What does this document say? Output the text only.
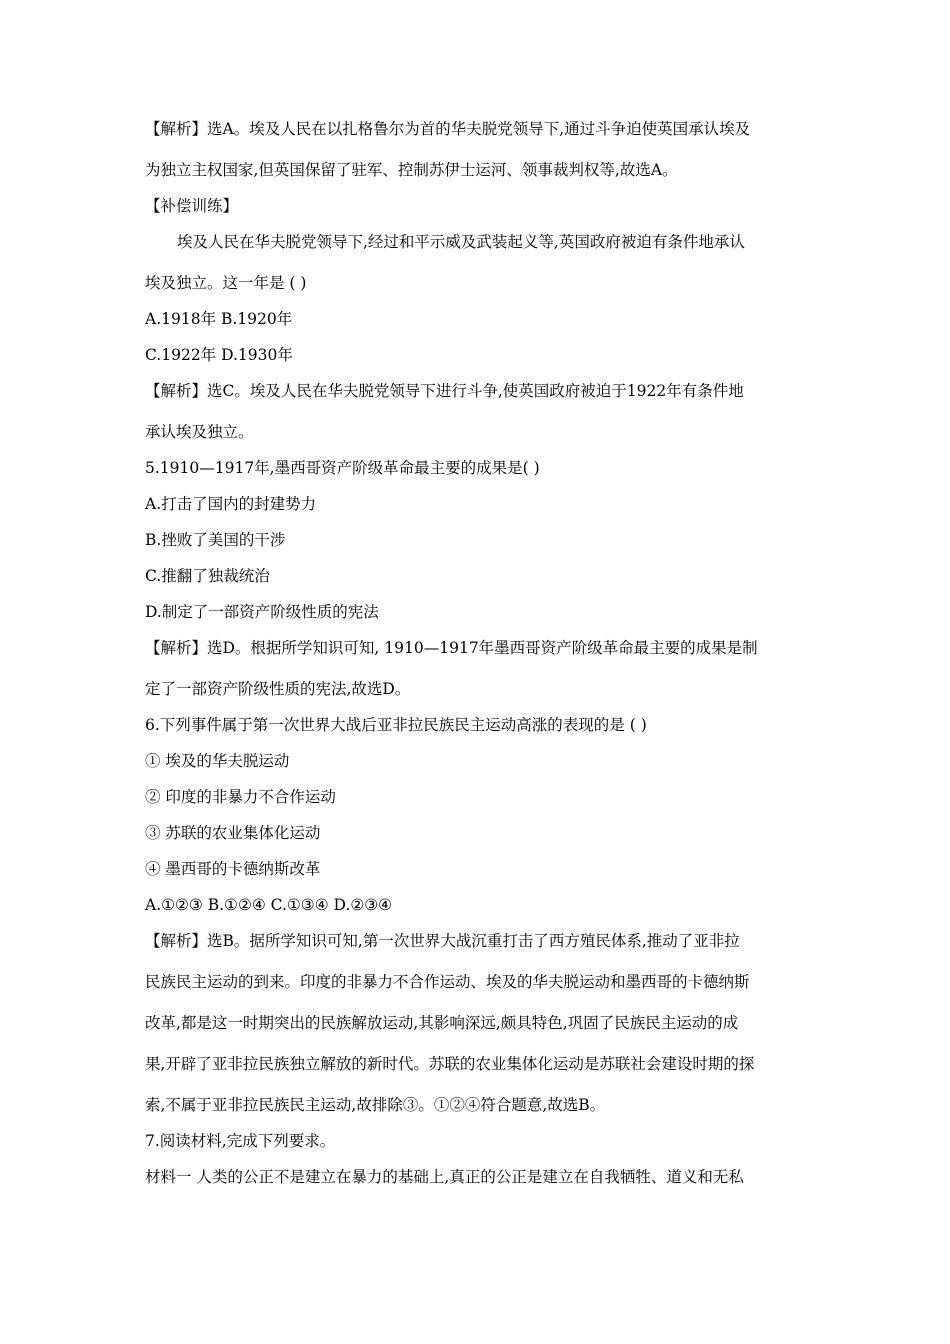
【解析】选A。埃及人民在以扎格鲁尔为首的华夫脱党领导下,通过斗争迫使英国承认埃及
为独立主权国家,但英国保留了驻军、控制苏伊士运河、领事裁判权等,故选A。
【补偿训练】
埃及人民在华夫脱党领导下,经过和平示威及武装起义等,英国政府被迫有条件地承认
埃及独立。这一年是 ( )
A.1918年 B.1920年
C.1922年 D.1930年
【解析】选C。埃及人民在华夫脱党领导下进行斗争,使英国政府被迫于1922年有条件地
承认埃及独立。
5.1910—1917年,墨西哥资产阶级革命最主要的成果是( )
A.打击了国内的封建势力
B.挫败了美国的干涉
C.推翻了独裁统治
D.制定了一部资产阶级性质的宪法
【解析】选D。根据所学知识可知, 1910—1917年墨西哥资产阶级革命最主要的成果是制
定了一部资产阶级性质的宪法,故选D。
6.下列事件属于第一次世界大战后亚非拉民族民主运动高涨的表现的是 ( )
① 埃及的华夫脱运动
② 印度的非暴力不合作运动
③ 苏联的农业集体化运动
④ 墨西哥的卡德纳斯改革
A.①②③ B.①②④ C.①③④ D.②③④
【解析】选B。据所学知识可知,第一次世界大战沉重打击了西方殖民体系,推动了亚非拉
民族民主运动的到来。印度的非暴力不合作运动、埃及的华夫脱运动和墨西哥的卡德纳斯
改革,都是这一时期突出的民族解放运动,其影响深远,颇具特色,巩固了民族民主运动的成
果,开辟了亚非拉民族独立解放的新时代。苏联的农业集体化运动是苏联社会建设时期的探
索,不属于亚非拉民族民主运动,故排除③。①②④符合题意,故选B。
7.阅读材料,完成下列要求。
材料一 人类的公正不是建立在暴力的基础上,真正的公正是建立在自我牺牲、道义和无私
